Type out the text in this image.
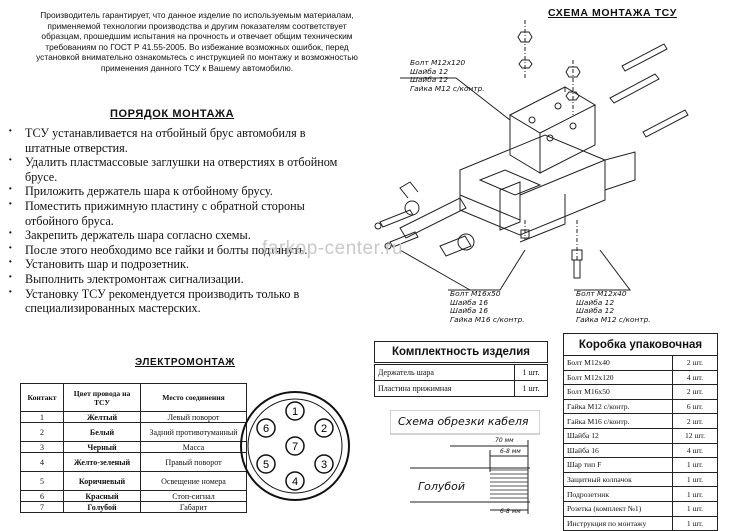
Производитель гарантирует, что данное изделие по используемым материалам, применяемой технологии производства и другим показателям соответствует образцам, прошедшим испытания на прочность и отвечает общим техническим требованиям по ГОСТ Р 41.55-2005. Во избежание возможных ошибок, перед установкой внимательно ознакомьтесь с инструкцией по монтажу и возможностью применения данного ТСУ к Вашему автомобилю.
ПОРЯДОК МОНТАЖА
· ТСУ устанавливается на отбойный брус автомобиля в штатные отверстия.
· Удалить пластмассовые заглушки на отверстиях в отбойном брусе.
· Приложить держатель шара к отбойному брусу.
· Поместить прижимную пластину с обратной стороны отбойного бруса.
· Закрепить держатель шара согласно схемы.
· После этого необходимо все гайки и болты подтянуть.
· Установить шар и подрозетник.
· Выполнить электромонтаж сигнализации.
· Установку ТСУ рекомендуется производить только в специализированных мастерских.
ЭЛЕКТРОМОНТАЖ
Контакт	Цвет провода на ТСУ	Место соединения
1	Желтый	Левый поворот
2	Белый	Задний противотуманный
3	Черный	Масса
4	Желто-зеленый	Правый поворот
5	Коричневый	Освещение номера
6	Красный	Стоп-сигнал
7	Голубой	Габарит
1
2
3
4
5
6
7
СХЕМА МОНТАЖА ТСУ
Болт М12х120
Шайба 12
Шайба 12
Гайка М12 с/контр.
Болт М16х50
Шайба 16
Шайба 16
Гайка М16 с/контр.
Болт М12х40
Шайба 12
Шайба 12
Гайка М12 с/контр.
farkop-center.ru
Комплектность изделия
Держатель шара	1 шт.
Пластина прижимная	1 шт.
Схема обрезки кабеля
70 мм
6-8 мм
Голубой
6-8 мм
Коробка упаковочная	
Болт М12х40	2 шт.
Болт М12х120	4 шт.
Болт М16х50	2 шт.
Гайка М12 с/контр.	6 шт.
Гайка М16 с/контр.	2 шт.
Шайба 12	12 шт.
Шайба 16	4 шт.
Шар тип F	1 шт.
Защитный колпачок	1 шт.
Подрозетник	1 шт.
Розетка (комплект №1)	1 шт.
Инструкция по монтажу	1 шт.
